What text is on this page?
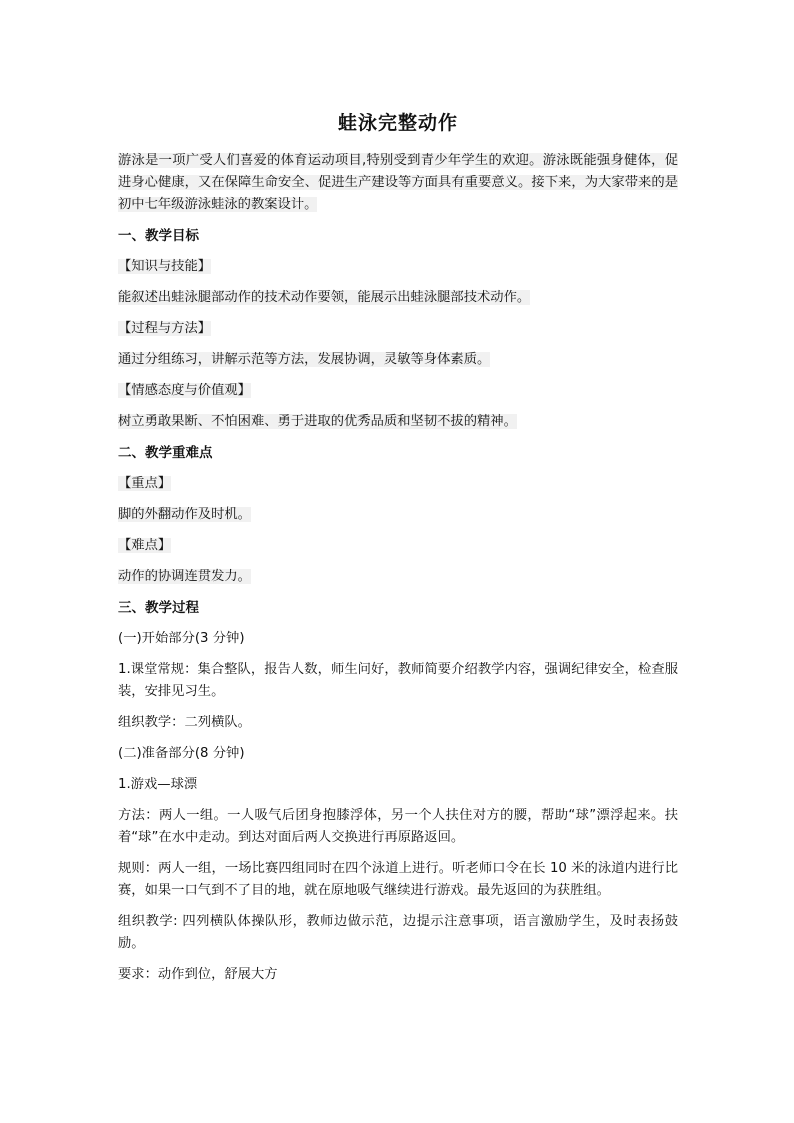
蛙泳完整动作
游泳是一项广受人们喜爱的体育运动项目,特别受到青少年学生的欢迎。游泳既能强身健体，促进身心健康，又在保障生命安全、促进生产建设等方面具有重要意义。接下来，为大家带来的是初中七年级游泳蛙泳的教案设计。
一、教学目标
【知识与技能】
能叙述出蛙泳腿部动作的技术动作要领，能展示出蛙泳腿部技术动作。
【过程与方法】
通过分组练习，讲解示范等方法，发展协调，灵敏等身体素质。
【情感态度与价值观】
树立勇敢果断、不怕困难、勇于进取的优秀品质和坚韧不拔的精神。
二、教学重难点
【重点】
脚的外翻动作及时机。
【难点】
动作的协调连贯发力。
三、教学过程
(一)开始部分(3 分钟)
1.课堂常规：集合整队，报告人数，师生问好，教师简要介绍教学内容，强调纪律安全，检查服装，安排见习生。
组织教学：二列横队。
(二)准备部分(8 分钟)
1.游戏—球漂
方法：两人一组。一人吸气后团身抱膝浮体，另一个人扶住对方的腰，帮助“球”漂浮起来。扶着“球”在水中走动。到达对面后两人交换进行再原路返回。
规则：两人一组，一场比赛四组同时在四个泳道上进行。听老师口令在长 10 米的泳道内进行比赛，如果一口气到不了目的地，就在原地吸气继续进行游戏。最先返回的为获胜组。
组织教学: 四列横队体操队形，教师边做示范，边提示注意事项，语言激励学生，及时表扬鼓励。
要求：动作到位，舒展大方
